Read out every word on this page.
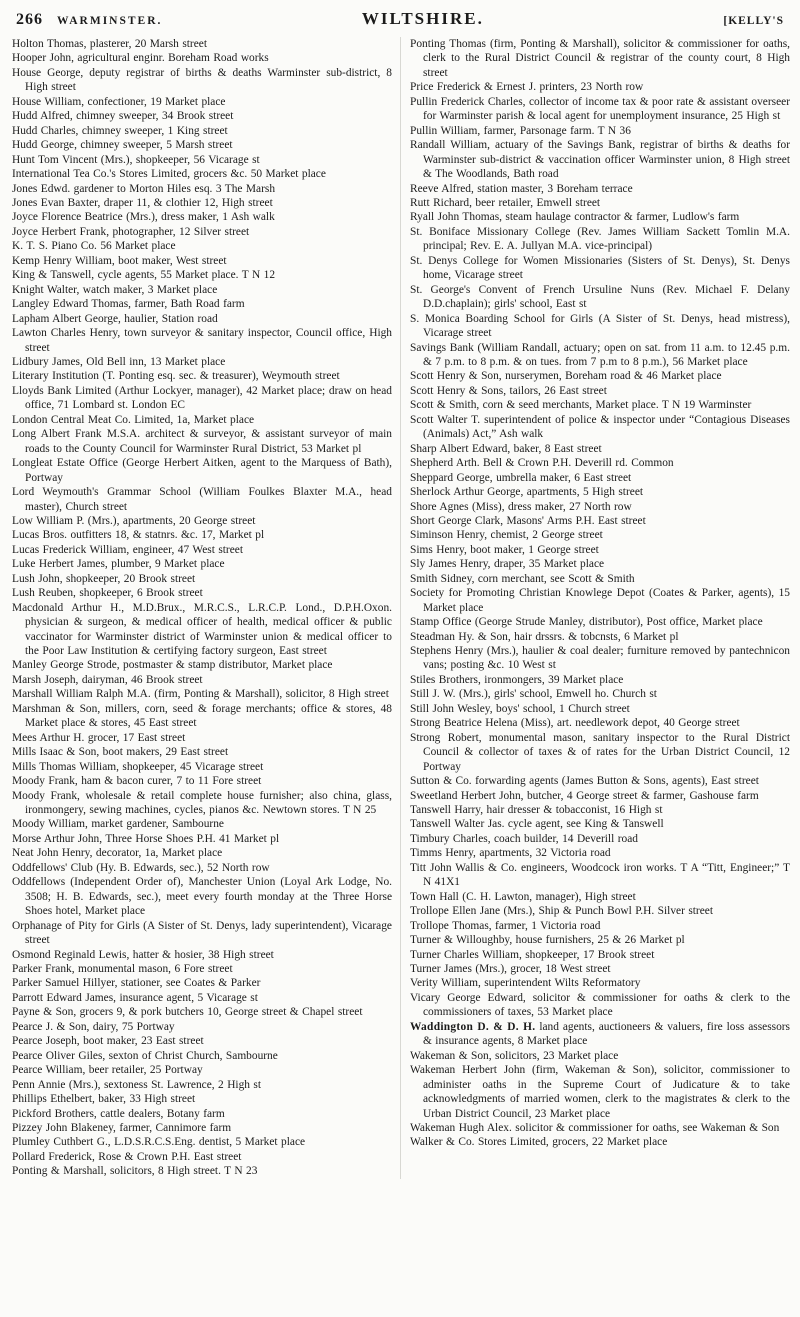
266 WARMINSTER.	WILTSHIRE.	[KELLY'S

Holton Thomas, plasterer, 20 Marsh street

Hooper John, agricultural enginr. Boreham Road works

House George, deputy registrar of births & deaths Warminster sub-district, 8 High street

House William, confectioner, 19 Market place

Hudd Alfred, chimney sweeper, 34 Brook street

Hudd Charles, chimney sweeper, 1 King street

Hudd George, chimney sweeper, 5 Marsh street

Hunt Tom Vincent (Mrs.), shopkeeper, 56 Vicarage st

International Tea Co.'s Stores Limited, grocers &c. 50 Market place

Jones Edwd. gardener to Morton Hiles esq. 3 The Marsh

Jones Evan Baxter, draper 11, & clothier 12, High street

Joyce Florence Beatrice (Mrs.), dress maker, 1 Ash walk

Joyce Herbert Frank, photographer, 12 Silver street

K. T. S. Piano Co. 56 Market place

Kemp Henry William, boot maker, West street

King & Tanswell, cycle agents, 55 Market place. T N 12

Knight Walter, watch maker, 3 Market place

Langley Edward Thomas, farmer, Bath Road farm

Lapham Albert George, haulier, Station road

Lawton Charles Henry, town surveyor & sanitary inspector, Council office, High street

Lidbury James, Old Bell inn, 13 Market place

Literary Institution (T. Ponting esq. sec. & treasurer), Weymouth street

Lloyds Bank Limited (Arthur Lockyer, manager), 42 Market place; draw on head office, 71 Lombard st. London EC

London Central Meat Co. Limited, 1a, Market place

Long Albert Frank M.S.A. architect & surveyor, & assistant surveyor of main roads to the County Council for Warminster Rural District, 53 Market pl

Longleat Estate Office (George Herbert Aitken, agent to the Marquess of Bath), Portway

Lord Weymouth's Grammar School (William Foulkes Blaxter M.A., head master), Church street

Low William P. (Mrs.), apartments, 20 George street

Lucas Bros. outfitters 18, & statnrs. &c. 17, Market pl

Lucas Frederick William, engineer, 47 West street

Luke Herbert James, plumber, 9 Market place

Lush John, shopkeeper, 20 Brook street

Lush Reuben, shopkeeper, 6 Brook street

Macdonald Arthur H., M.D.Brux., M.R.C.S., L.R.C.P. Lond., D.P.H.Oxon. physician & surgeon, & medical officer of health, medical officer & public vaccinator for Warminster district of Warminster union & medical officer to the Poor Law Institution & certifying factory surgeon, East street

Manley George Strode, postmaster & stamp distributor, Market place

Marsh Joseph, dairyman, 46 Brook street

Marshall William Ralph M.A. (firm, Ponting & Marshall), solicitor, 8 High street

Marshman & Son, millers, corn, seed & forage merchants; office & stores, 48 Market place & stores, 45 East street

Mees Arthur H. grocer, 17 East street

Mills Isaac & Son, boot makers, 29 East street

Mills Thomas William, shopkeeper, 45 Vicarage street

Moody Frank, ham & bacon curer, 7 to 11 Fore street

Moody Frank, wholesale & retail complete house furnisher; also china, glass, ironmongery, sewing machines, cycles, pianos &c. Newtown stores. T N 25

Moody William, market gardener, Sambourne

Morse Arthur John, Three Horse Shoes P.H. 41 Market pl

Neat John Henry, decorator, 1a, Market place

Oddfellows' Club (Hy. B. Edwards, sec.), 52 North row

Oddfellows (Independent Order of), Manchester Union (Loyal Ark Lodge, No. 3508; H. B. Edwards, sec.), meet every fourth monday at the Three Horse Shoes hotel, Market place

Orphanage of Pity for Girls (A Sister of St. Denys, lady superintendent), Vicarage street

Osmond Reginald Lewis, hatter & hosier, 38 High street

Parker Frank, monumental mason, 6 Fore street

Parker Samuel Hillyer, stationer, see Coates & Parker

Parrott Edward James, insurance agent, 5 Vicarage st

Payne & Son, grocers 9, & pork butchers 10, George street & Chapel street

Pearce J. & Son, dairy, 75 Portway

Pearce Joseph, boot maker, 23 East street

Pearce Oliver Giles, sexton of Christ Church, Sambourne

Pearce William, beer retailer, 25 Portway

Penn Annie (Mrs.), sextoness St. Lawrence, 2 High st

Phillips Ethelbert, baker, 33 High street

Pickford Brothers, cattle dealers, Botany farm

Pizzey John Blakeney, farmer, Cannimore farm

Plumley Cuthbert G., L.D.S.R.C.S.Eng. dentist, 5 Market place

Pollard Frederick, Rose & Crown P.H. East street

Ponting & Marshall, solicitors, 8 High street. T N 23

Ponting Thomas (firm, Ponting & Marshall), solicitor & commissioner for oaths, clerk to the Rural District Council & registrar of the county court, 8 High street

Price Frederick & Ernest J. printers, 23 North row

Pullin Frederick Charles, collector of income tax & poor rate & assistant overseer for Warminster parish & local agent for unemployment insurance, 25 High st

Pullin William, farmer, Parsonage farm. T N 36

Randall William, actuary of the Savings Bank, registrar of births & deaths for Warminster sub-district & vaccination officer Warminster union, 8 High street & The Woodlands, Bath road

Reeve Alfred, station master, 3 Boreham terrace

Rutt Richard, beer retailer, Emwell street

Ryall John Thomas, steam haulage contractor & farmer, Ludlow's farm

St. Boniface Missionary College (Rev. James William Sackett Tomlin M.A. principal; Rev. E. A. Jullyan M.A. vice-principal)

St. Denys College for Women Missionaries (Sisters of St. Denys), St. Denys home, Vicarage street

St. George's Convent of French Ursuline Nuns (Rev. Michael F. Delany D.D.chaplain); girls' school, East st

S. Monica Boarding School for Girls (A Sister of St. Denys, head mistress), Vicarage street

Savings Bank (William Randall, actuary; open on sat. from 11 a.m. to 12.45 p.m. & 7 p.m. to 8 p.m. & on tues. from 7 p.m to 8 p.m.), 56 Market place

Scott Henry & Son, nurserymen, Boreham road & 46 Market place

Scott Henry & Sons, tailors, 26 East street

Scott & Smith, corn & seed merchants, Market place. T N 19 Warminster

Scott Walter T. superintendent of police & inspector under “Contagious Diseases (Animals) Act,” Ash walk

Sharp Albert Edward, baker, 8 East street

Shepherd Arth. Bell & Crown P.H. Deverill rd. Common

Sheppard George, umbrella maker, 6 East street

Sherlock Arthur George, apartments, 5 High street

Shore Agnes (Miss), dress maker, 27 North row

Short George Clark, Masons' Arms P.H. East street

Siminson Henry, chemist, 2 George street

Sims Henry, boot maker, 1 George street

Sly James Henry, draper, 35 Market place

Smith Sidney, corn merchant, see Scott & Smith

Society for Promoting Christian Knowlege Depot (Coates & Parker, agents), 15 Market place

Stamp Office (George Strude Manley, distributor), Post office, Market place

Steadman Hy. & Son, hair drssrs. & tobcnsts, 6 Market pl

Stephens Henry (Mrs.), haulier & coal dealer; furniture removed by pantechnicon vans; posting &c. 10 West st

Stiles Brothers, ironmongers, 39 Market place

Still J. W. (Mrs.), girls' school, Emwell ho. Church st

Still John Wesley, boys' school, 1 Church street

Strong Beatrice Helena (Miss), art. needlework depot, 40 George street

Strong Robert, monumental mason, sanitary inspector to the Rural District Council & collector of taxes & of rates for the Urban District Council, 12 Portway

Sutton & Co. forwarding agents (James Button & Sons, agents), East street

Sweetland Herbert John, butcher, 4 George street & farmer, Gashouse farm

Tanswell Harry, hair dresser & tobacconist, 16 High st

Tanswell Walter Jas. cycle agent, see King & Tanswell

Timbury Charles, coach builder, 14 Deverill road

Timms Henry, apartments, 32 Victoria road

Titt John Wallis & Co. engineers, Woodcock iron works. T A “Titt, Engineer;” T N 41X1

Town Hall (C. H. Lawton, manager), High street

Trollope Ellen Jane (Mrs.), Ship & Punch Bowl P.H. Silver street

Trollope Thomas, farmer, 1 Victoria road

Turner & Willoughby, house furnishers, 25 & 26 Market pl

Turner Charles William, shopkeeper, 17 Brook street

Turner James (Mrs.), grocer, 18 West street

Verity William, superintendent Wilts Reformatory

Vicary George Edward, solicitor & commissioner for oaths & clerk to the commissioners of taxes, 53 Market place

Waddington D. & D. H. land agents, auctioneers & valuers, fire loss assessors & insurance agents, 8 Market place

Wakeman & Son, solicitors, 23 Market place

Wakeman Herbert John (firm, Wakeman & Son), solicitor, commissioner to administer oaths in the Supreme Court of Judicature & to take acknowledgments of married women, clerk to the magistrates & clerk to the Urban District Council, 23 Market place

Wakeman Hugh Alex. solicitor & commissioner for oaths, see Wakeman & Son

Walker & Co. Stores Limited, grocers, 22 Market place
